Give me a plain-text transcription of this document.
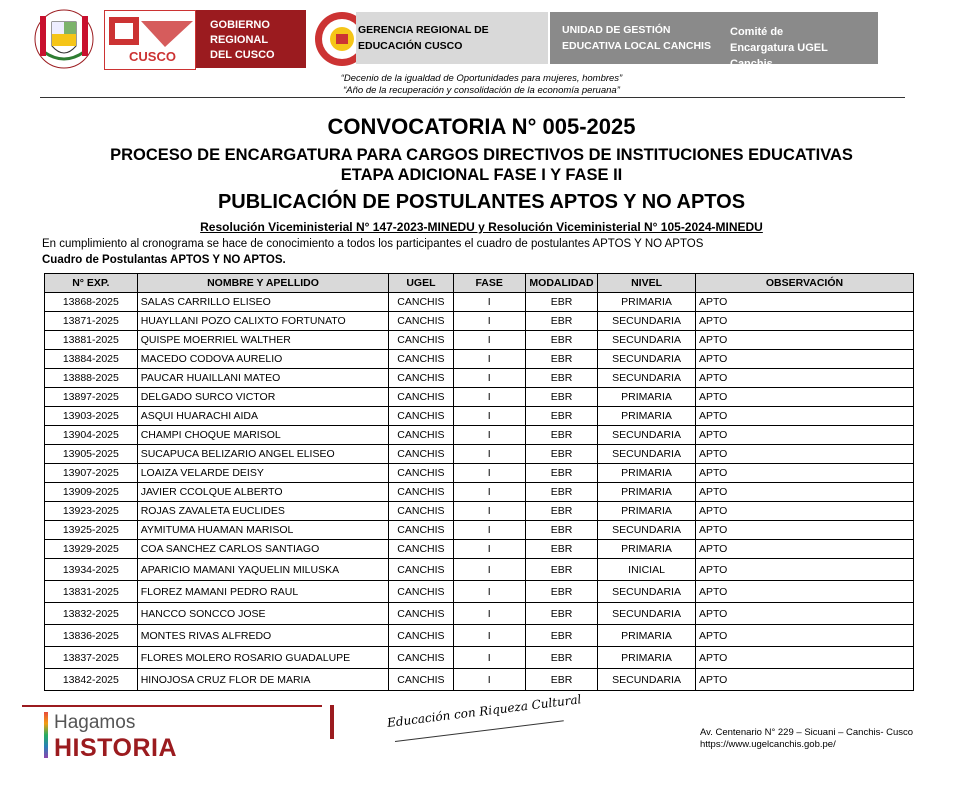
CUSCO
GOBIERNO REGIONAL DEL CUSCO
GERENCIA REGIONAL DE EDUCACIÓN CUSCO
UNIDAD DE GESTIÓN EDUCATIVA LOCAL CANCHIS
Comité de Encargatura UGEL Canchis
“Decenio de la igualdad de Oportunidades para mujeres, hombres”
“Año de la recuperación y consolidación de la economía peruana”
CONVOCATORIA N° 005-2025
PROCESO DE ENCARGATURA PARA CARGOS DIRECTIVOS DE INSTITUCIONES EDUCATIVAS
ETAPA ADICIONAL FASE I Y FASE II
PUBLICACIÓN DE POSTULANTES APTOS Y NO APTOS
Resolución Viceministerial N° 147-2023-MINEDU y Resolución Viceministerial N° 105-2024-MINEDU
En cumplimiento al cronograma se hace de conocimiento a todos los participantes el cuadro de postulantes APTOS Y NO APTOS
Cuadro de Postulantas APTOS Y NO APTOS.
N° EXP.	NOMBRE Y APELLIDO	UGEL	FASE	MODALIDAD	NIVEL	OBSERVACIÓN
13868-2025	SALAS CARRILLO ELISEO	CANCHIS	I	EBR	PRIMARIA	APTO
13871-2025	HUAYLLANI POZO CALIXTO FORTUNATO	CANCHIS	I	EBR	SECUNDARIA	APTO
13881-2025	QUISPE MOERRIEL WALTHER	CANCHIS	I	EBR	SECUNDARIA	APTO
13884-2025	MACEDO CODOVA AURELIO	CANCHIS	I	EBR	SECUNDARIA	APTO
13888-2025	PAUCAR HUAILLANI MATEO	CANCHIS	I	EBR	SECUNDARIA	APTO
13897-2025	DELGADO SURCO VICTOR	CANCHIS	I	EBR	PRIMARIA	APTO
13903-2025	ASQUI HUARACHI AIDA	CANCHIS	I	EBR	PRIMARIA	APTO
13904-2025	CHAMPI CHOQUE MARISOL	CANCHIS	I	EBR	SECUNDARIA	APTO
13905-2025	SUCAPUCA BELIZARIO ANGEL ELISEO	CANCHIS	I	EBR	SECUNDARIA	APTO
13907-2025	LOAIZA VELARDE DEISY	CANCHIS	I	EBR	PRIMARIA	APTO
13909-2025	JAVIER CCOLQUE ALBERTO	CANCHIS	I	EBR	PRIMARIA	APTO
13923-2025	ROJAS ZAVALETA EUCLIDES	CANCHIS	I	EBR	PRIMARIA	APTO
13925-2025	AYMITUMA HUAMAN MARISOL	CANCHIS	I	EBR	SECUNDARIA	APTO
13929-2025	COA SANCHEZ CARLOS SANTIAGO	CANCHIS	I	EBR	PRIMARIA	APTO
13934-2025	APARICIO MAMANI YAQUELIN MILUSKA	CANCHIS	I	EBR	INICIAL	APTO
13831-2025	FLOREZ MAMANI PEDRO RAUL	CANCHIS	I	EBR	SECUNDARIA	APTO
13832-2025	HANCCO SONCCO JOSE	CANCHIS	I	EBR	SECUNDARIA	APTO
13836-2025	MONTES RIVAS ALFREDO	CANCHIS	I	EBR	PRIMARIA	APTO
13837-2025	FLORES MOLERO ROSARIO GUADALUPE	CANCHIS	I	EBR	PRIMARIA	APTO
13842-2025	HINOJOSA CRUZ FLOR DE MARIA	CANCHIS	I	EBR	SECUNDARIA	APTO
Hagamos
HISTORIA
Educación con Riqueza Cultural
Av. Centenario N° 229 – Sicuani – Canchis- Cusco
https://www.ugelcanchis.gob.pe/
